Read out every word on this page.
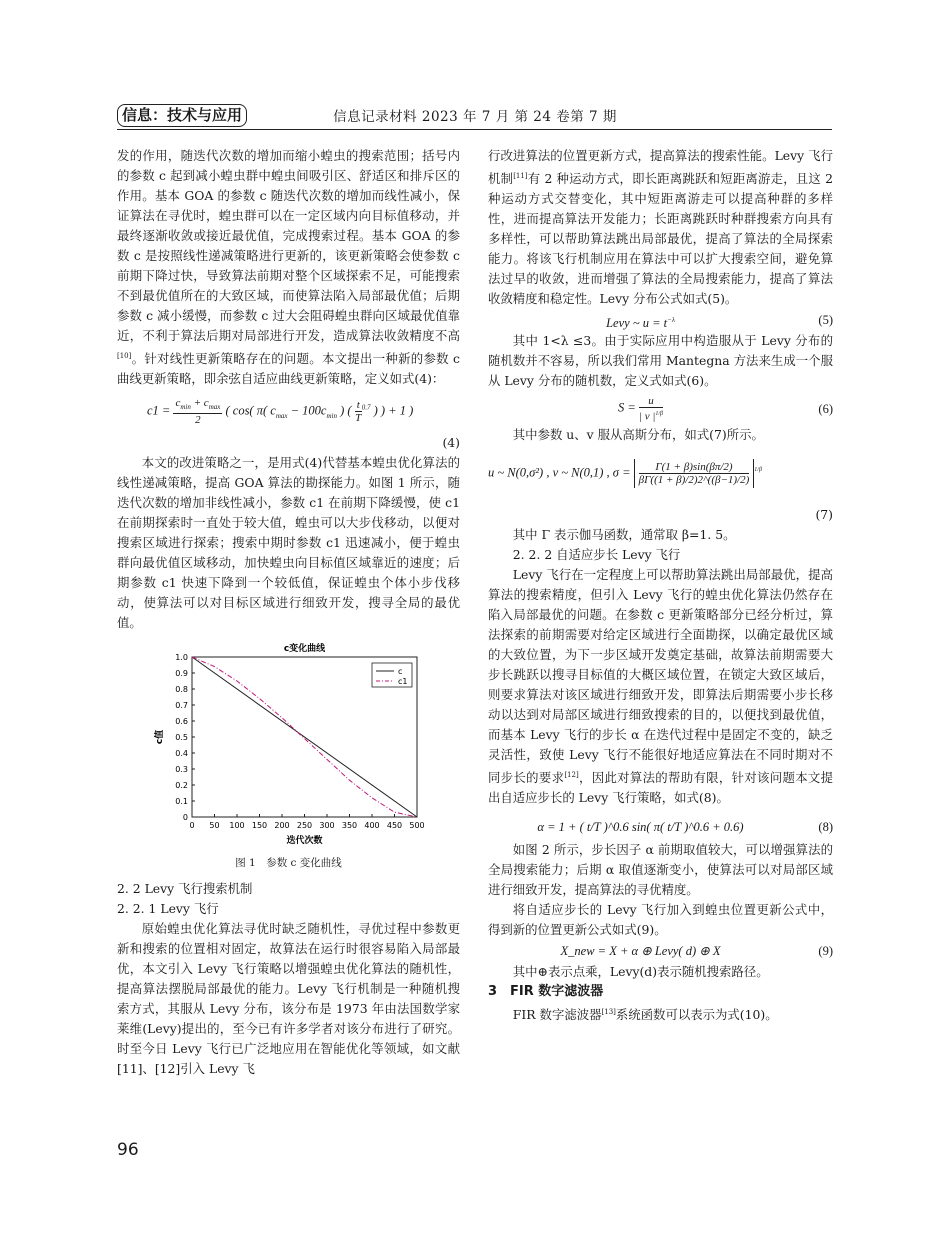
信息：技术与应用	信息记录材料 2023 年 7 月 第 24 卷第 7 期

发的作用，随迭代次数的增加而缩小蝗虫的搜索范围；括号内的参数 c 起到减小蝗虫群中蝗虫间吸引区、舒适区和排斥区的作用。基本 GOA 的参数 c 随迭代次数的增加而线性减小，保证算法在寻优时，蝗虫群可以在一定区域内向目标值移动，并最终逐渐收敛或接近最优值，完成搜索过程。基本 GOA 的参数 c 是按照线性递减策略进行更新的，该更新策略会使参数 c 前期下降过快，导致算法前期对整个区域探索不足，可能搜索不到最优值所在的大致区域，而使算法陷入局部最优值；后期参数 c 减小缓慢，而参数 c 过大会阻碍蝗虫群向区域最优值靠近，不利于算法后期对局部进行开发，造成算法收敛精度不高[10]。针对线性更新策略存在的问题。本文提出一种新的参数 c 曲线更新策略，即余弦自适应曲线更新策略，定义如式(4)：

$c1 = \frac{c_{min} + c_{max}}{2}$ ( cos( π( $c_{max} - 100c_{min}$ ) ( $\frac{t}{T} ^{0.7}$ ) ) + 1 )
(4)

本文的改进策略之一，是用式(4)代替基本蝗虫优化算法的线性递减策略，提高 GOA 算法的勘探能力。如图 1 所示，随迭代次数的增加非线性减小，参数 c1 在前期下降缓慢，使 c1 在前期探索时一直处于较大值，蝗虫可以大步伐移动，以便对搜索区域进行探索；搜索中期时参数 c1 迅速减小，便于蝗虫群向最优值区域移动，加快蝗虫向目标值区域靠近的速度；后期参数 c1 快速下降到一个较低值，保证蝗虫个体小步伐移动，使算法可以对目标区域进行细致开发，搜寻全局的最优值。

c变化曲线
迭代次数
c值
0 50 100 150 200 250 300 350 400 450 500
0
0.1
0.2
0.3
0.4
0.5
0.6
0.7
0.8
0.9
1.0
c
c1
图 1　参数 c 变化曲线

2. 2 Levy 飞行搜索机制

2. 2. 1 Levy 飞行

原始蝗虫优化算法寻优时缺乏随机性，寻优过程中参数更新和搜索的位置相对固定，故算法在运行时很容易陷入局部最优，本文引入 Levy 飞行策略以增强蝗虫优化算法的随机性，提高算法摆脱局部最优的能力。Levy 飞行机制是一种随机搜索方式，其服从 Levy 分布，该分布是 1973 年由法国数学家莱维(Levy)提出的，至今已有许多学者对该分布进行了研究。时至今日 Levy 飞行已广泛地应用在智能优化等领域，如文献[11]、[12]引入 Levy 飞

行改进算法的位置更新方式，提高算法的搜索性能。Levy 飞行机制[11]有 2 种运动方式，即长距离跳跃和短距离游走，且这 2 种运动方式交替变化，其中短距离游走可以提高种群的多样性，进而提高算法开发能力；长距离跳跃时种群搜索方向具有多样性，可以帮助算法跳出局部最优，提高了算法的全局探索能力。将该飞行机制应用在算法中可以扩大搜索空间，避免算法过早的收敛，进而增强了算法的全局搜索能力，提高了算法收敛精度和稳定性。Levy 分布公式如式(5)。

Levy ~ $u = t^{-\lambda}$	(5)

其中 1<λ ≤3。由于实际应用中构造服从于 Levy 分布的随机数并不容易，所以我们常用 Mantegna 方法来生成一个服从 Levy 分布的随机数，定义式如式(6)。

$S = \frac{u}{| v |^{1/\beta}}$	(6)

其中参数 u、v 服从高斯分布，如式(7)所示。

u ~ N(0,σ²) , v ~ N(0,1) , $\sigma = \frac{\Gamma(1 + \beta)\sin(\beta\pi/2)}{\beta\Gamma((1 + \beta)/2)2\^{}((\beta-1)/2)} ^{1/\beta}$
(7)

其中 Γ 表示伽马函数，通常取 β=1. 5。

2. 2. 2 自适应步长 Levy 飞行

Levy 飞行在一定程度上可以帮助算法跳出局部最优，提高算法的搜索精度，但引入 Levy 飞行的蝗虫优化算法仍然存在陷入局部最优的问题。在参数 c 更新策略部分已经分析过，算法探索的前期需要对给定区域进行全面勘探，以确定最优区域的大致位置，为下一步区域开发奠定基础，故算法前期需要大步长跳跃以搜寻目标值的大概区域位置，在锁定大致区域后，则要求算法对该区域进行细致开发，即算法后期需要小步长移动以达到对局部区域进行细致搜索的目的，以便找到最优值，而基本 Levy 飞行的步长 α 在迭代过程中是固定不变的，缺乏灵活性，致使 Levy 飞行不能很好地适应算法在不同时期对不同步长的要求[12]，因此对算法的帮助有限，针对该问题本文提出自适应步长的 Levy 飞行策略，如式(8)。

α = 1 + ( t/T )^0.6 sin( π( t/T )^0.6 + 0.6)	(8)

如图 2 所示，步长因子 α 前期取值较大，可以增强算法的全局搜索能力；后期 α 取值逐渐变小，使算法可以对局部区域进行细致开发，提高算法的寻优精度。

将自适应步长的 Levy 飞行加入到蝗虫位置更新公式中，得到新的位置更新公式如式(9)。

X_new = X + α ⊕ Levy( d) ⊕ X	(9)

其中⊕表示点乘，Levy(d)表示随机搜索路径。

3　FIR 数字滤波器

FIR 数字滤波器[13]系统函数可以表示为式(10)。

96
